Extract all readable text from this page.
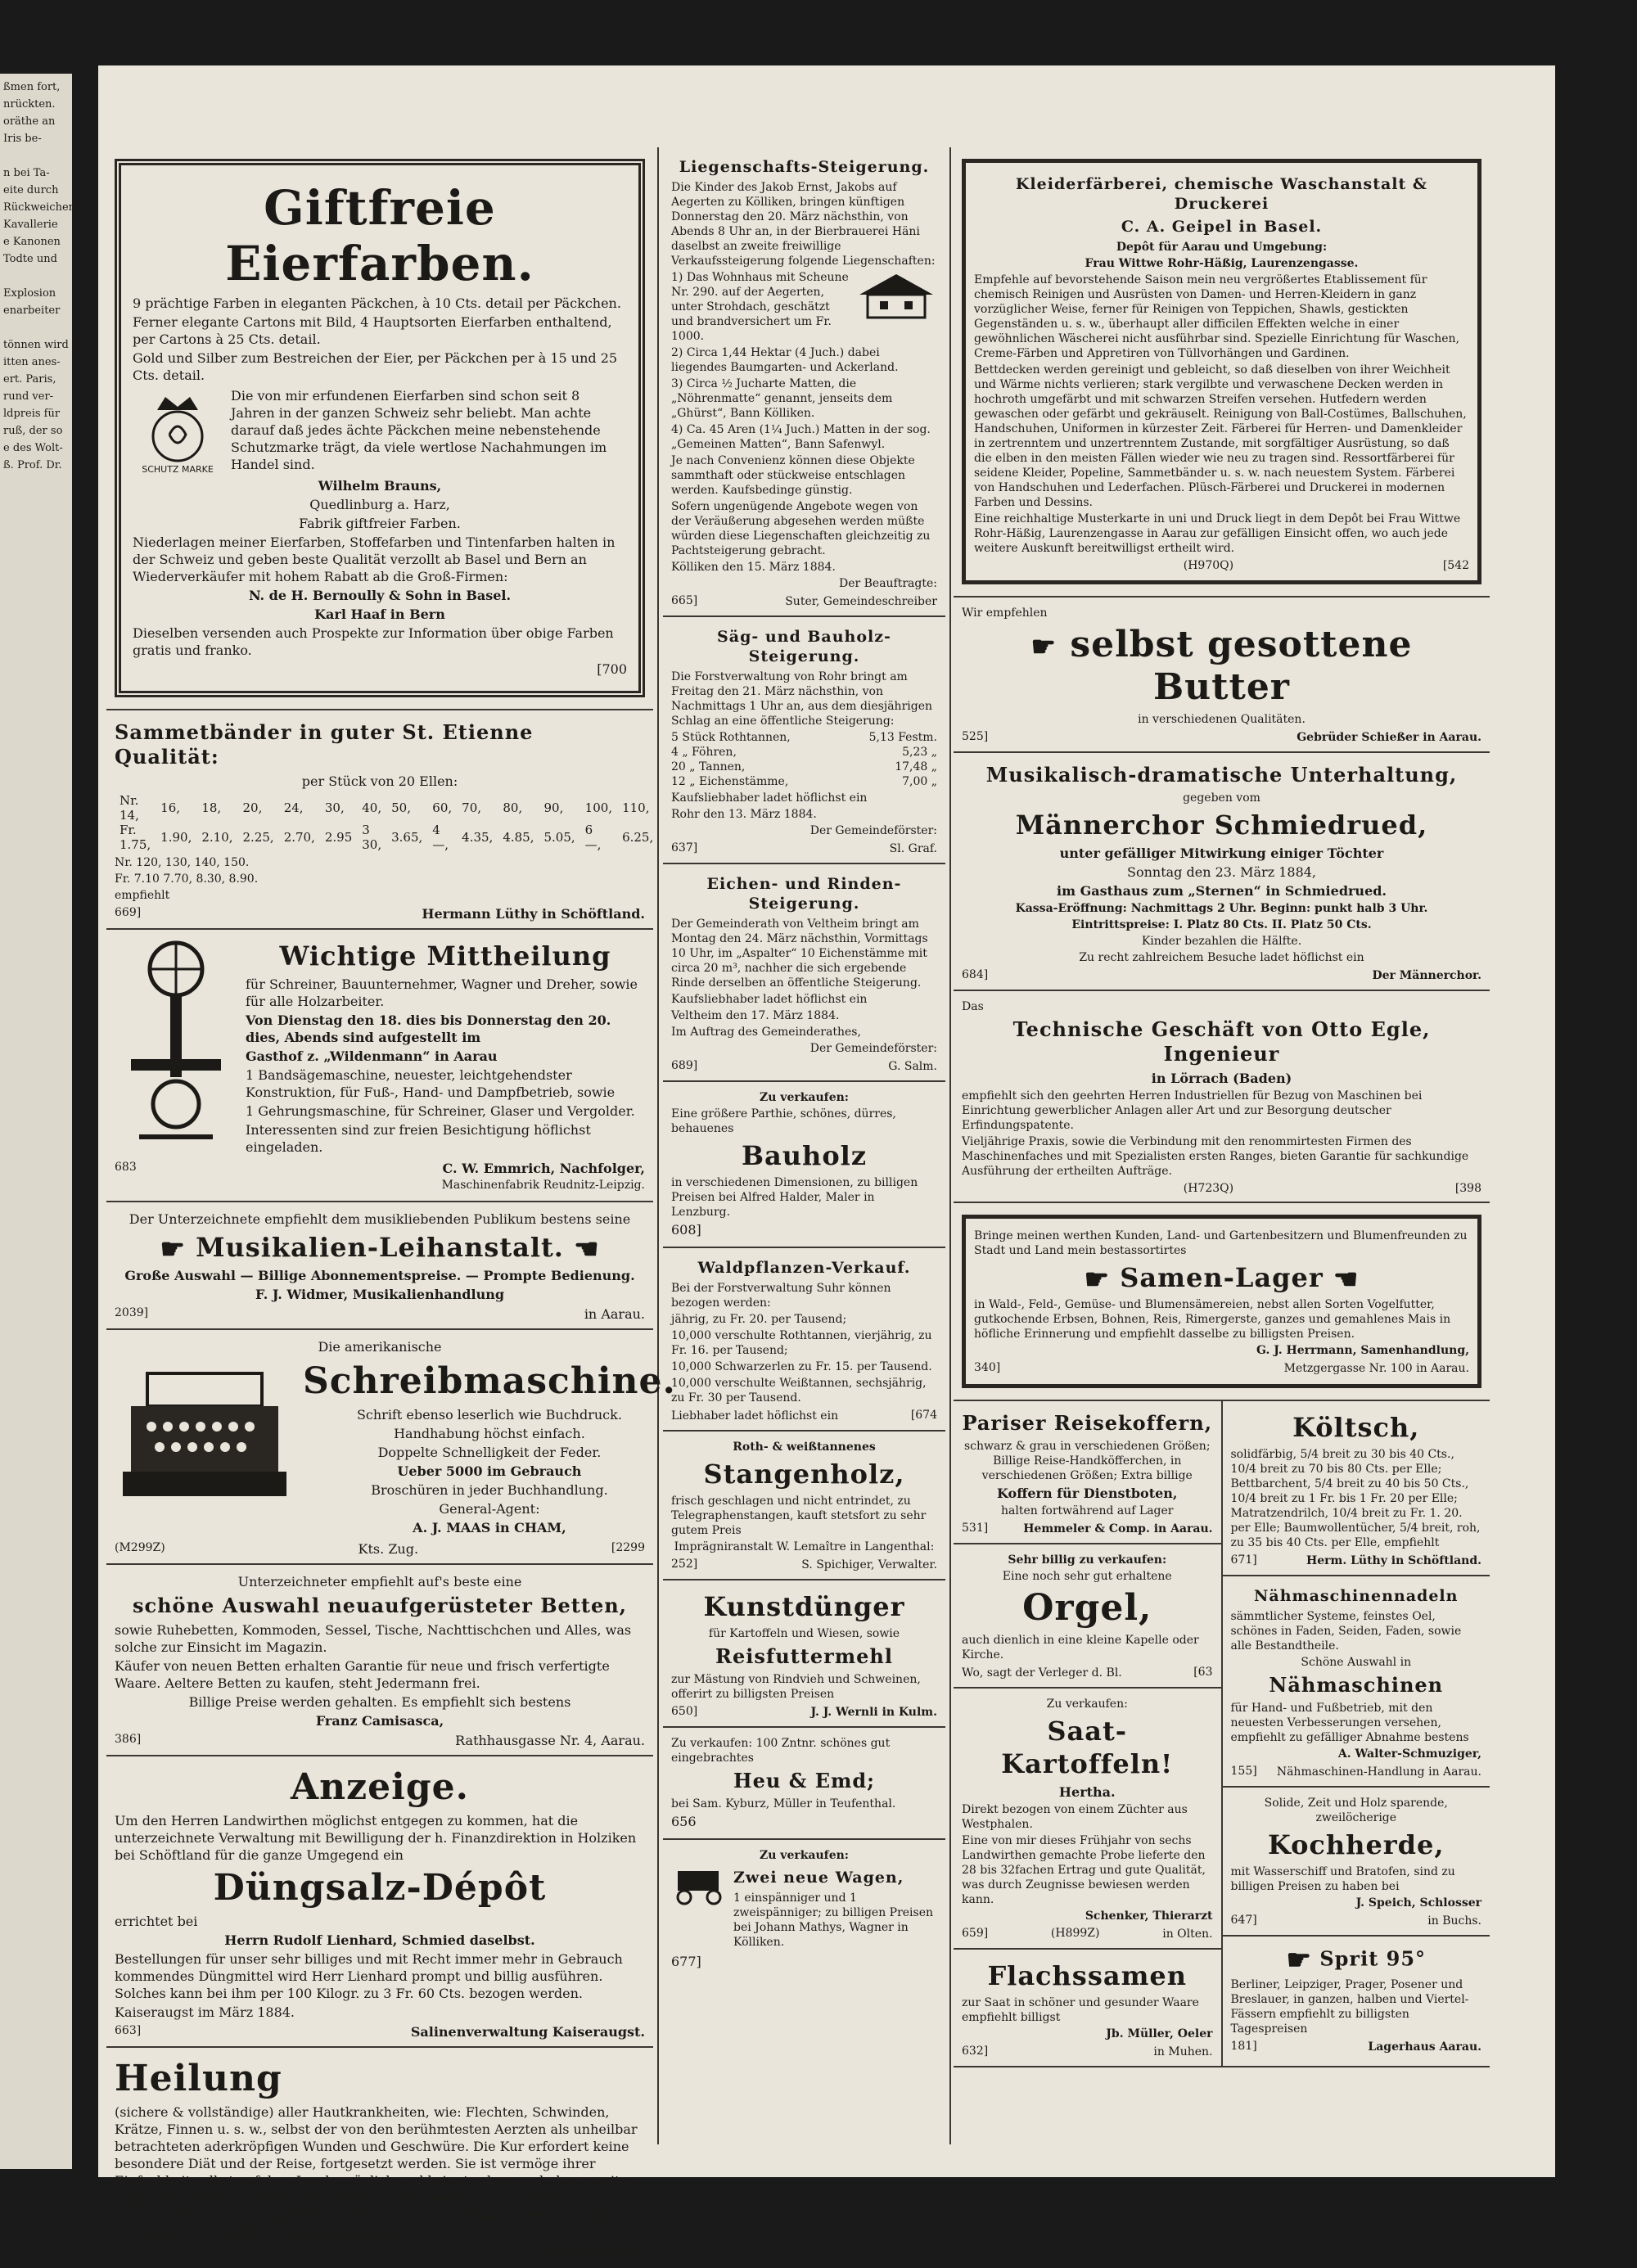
ßmen fort,
nrückten.
oräthe an
Iris be-

n bei Ta-
eite durch
Rückweichen
Kavallerie
e Kanonen
Todte und

Explosion
enarbeiter

tönnen wird
itten anes-
ert. Paris,
rund ver-
ldpreis für
ruß, der so
e des Wolt-
ß. Prof. Dr.
Giftfreie Eierfarben.

9 prächtige Farben in eleganten Päckchen, à 10 Cts. detail per Päckchen.

Ferner elegante Cartons mit Bild, 4 Hauptsorten Eierfarben enthaltend, per Cartons à 25 Cts. detail.

Gold und Silber zum Bestreichen der Eier, per Päckchen per à 15 und 25 Cts. detail.

SCHUTZ MARKE

Die von mir erfundenen Eierfarben sind schon seit 8 Jahren in der ganzen Schweiz sehr beliebt. Man achte darauf daß jedes ächte Päckchen meine nebenstehende Schutzmarke trägt, da viele wertlose Nachahmungen im Handel sind.

Wilhelm Brauns,

Quedlinburg a. Harz,

Fabrik giftfreier Farben.

Niederlagen meiner Eierfarben, Stoffefarben und Tintenfarben halten in der Schweiz und geben beste Qualität verzollt ab Basel und Bern an Wiederverkäufer mit hohem Rabatt ab die Groß-Firmen:

N. de H. Bernoully & Sohn in Basel.

Karl Haaf in Bern

Dieselben versenden auch Prospekte zur Information über obige Farben gratis und franko.

[700

Sammetbänder in guter St. Etienne Qualität:

per Stück von 20 Ellen:

Nr. 14,	16,	18,	20,	24,	30,	40,	50,	60,	70,	80,	90,	100,	110,
Fr. 1.75,	1.90,	2.10,	2.25,	2.70,	2.95	3 30,	3.65,	4 —,	4.35,	4.85,	5.05,	6 —,	6.25,

Nr. 120, 130, 140, 150.

Fr. 7.10 7.70, 8.30, 8.90.

empfiehlt

669]	Hermann Lüthy in Schöftland.
Wichtige Mittheilung

für Schreiner, Bauunternehmer, Wagner und Dreher, sowie für alle Holzarbeiter.

Von Dienstag den 18. dies bis Donnerstag den 20. dies, Abends sind aufgestellt im

Gasthof z. „Wildenmann“ in Aarau

1 Bandsägemaschine, neuester, leichtgehendster Konstruktion, für Fuß-, Hand- und Dampfbetrieb, sowie

1 Gehrungsmaschine, für Schreiner, Glaser und Vergolder.

Interessenten sind zur freien Besichtigung höflichst eingeladen.

683	C. W. Emmrich, Nachfolger,

Maschinenfabrik Reudnitz-Leipzig.

Der Unterzeichnete empfiehlt dem musikliebenden Publikum bestens seine

☛ Musikalien-Leihanstalt. ☚

Große Auswahl — Billige Abonnementspreise. — Prompte Bedienung.

F. J. Widmer, Musikalienhandlung

2039]	in Aarau.

Die amerikanische

Schreibmaschine.

Schrift ebenso leserlich wie Buchdruck.

Handhabung höchst einfach.

Doppelte Schnelligkeit der Feder.

Ueber 5000 im Gebrauch

Broschüren in jeder Buchhandlung.

General-Agent:

A. J. MAAS in CHAM,

(M299Z)	Kts. Zug.	[2299

Unterzeichneter empfiehlt auf's beste eine

schöne Auswahl neuaufgerüsteter Betten,

sowie Ruhebetten, Kommoden, Sessel, Tische, Nachttischchen und Alles, was solche zur Einsicht im Magazin.

Käufer von neuen Betten erhalten Garantie für neue und frisch verfertigte Waare. Aeltere Betten zu kaufen, steht Jedermann frei.

Billige Preise werden gehalten. Es empfiehlt sich bestens

Franz Camisasca,

386]	Rathhausgasse Nr. 4, Aarau.
Anzeige.

Um den Herren Landwirthen möglichst entgegen zu kommen, hat die unterzeichnete Verwaltung mit Bewilligung der h. Finanzdirektion in Holziken bei Schöftland für die ganze Umgegend ein

Düngsalz-Dépôt

errichtet bei

Herrn Rudolf Lienhard, Schmied daselbst.

Bestellungen für unser sehr billiges und mit Recht immer mehr in Gebrauch kommendes Düngmittel wird Herr Lienhard prompt und billig ausführen. Solches kann bei ihm per 100 Kilogr. zu 3 Fr. 60 Cts. bezogen werden.

Kaiseraugst im März 1884.

663]	Salinenverwaltung Kaiseraugst.
Heilung

(sichere & vollständige) aller Hautkrankheiten, wie: Flechten, Schwinden, Krätze, Finnen u. s. w., selbst der von den berühmtesten Aerzten als unheilbar betrachteten aderkröpfigen Wunden und Geschwüre. Die Kur erfordert keine besondere Diät und der Reise, fortgesetzt werden. Sie ist vermöge ihrer Einfachheit selbst auf dem Lande möglich und bringt schon nach dem zweiten Tage eine merkliche Besserung hervor. — Man wende sich an Herrn Lenormand, Arzt und Apotheker erster Klasse in Tournan (Seine-et-Marne) Frankreich. — Briefliche Consultationen gratis.

(H5630X) [1607

Liegenschafts-Steigerung.

Die Kinder des Jakob Ernst, Jakobs auf Aegerten zu Kölliken, bringen künftigen Donnerstag den 20. März nächsthin, von Abends 8 Uhr an, in der Bierbrauerei Häni daselbst an zweite freiwillige Verkaufssteigerung folgende Liegenschaften:

1) Das Wohnhaus mit Scheune Nr. 290. auf der Aegerten, unter Strohdach, geschätzt und brandversichert um Fr. 1000.

2) Circa 1,44 Hektar (4 Juch.) dabei liegendes Baumgarten- und Ackerland.

3) Circa ½ Jucharte Matten, die „Nöhrenmatte“ genannt, jenseits dem „Ghürst“, Bann Kölliken.

4) Ca. 45 Aren (1¼ Juch.) Matten in der sog. „Gemeinen Matten“, Bann Safenwyl.

Je nach Convenienz können diese Objekte sammthaft oder stückweise entschlagen werden. Kaufsbedinge günstig.

Sofern ungenügende Angebote wegen von der Veräußerung abgesehen werden müßte würden diese Liegenschaften gleichzeitig zu Pachtsteigerung gebracht.

Kölliken den 15. März 1884.

Der Beauftragte:

665]	Suter, Gemeindeschreiber
Säg- und Bauholz-Steigerung.

Die Forstverwaltung von Rohr bringt am Freitag den 21. März nächsthin, von Nachmittags 1 Uhr an, aus dem diesjährigen Schlag an eine öffentliche Steigerung:

5 Stück Rothtannen,	5,13 Festm.
4 „ Föhren,	5,23 „
20 „ Tannen,	17,48 „
12 „ Eichenstämme,	7,00 „

Kaufsliebhaber ladet höflichst ein

Rohr den 13. März 1884.

Der Gemeindeförster:

637]	Sl. Graf.
Eichen- und Rinden-Steigerung.

Der Gemeinderath von Veltheim bringt am Montag den 24. März nächsthin, Vormittags 10 Uhr, im „Aspalter“ 10 Eichenstämme mit circa 20 m³, nachher die sich ergebende Rinde derselben an öffentliche Steigerung.

Kaufsliebhaber ladet höflichst ein

Veltheim den 17. März 1884.

Im Auftrag des Gemeinderathes,

Der Gemeindeförster:

689]	G. Salm.

Zu verkaufen:

Eine größere Parthie, schönes, dürres, behauenes

Bauholz

in verschiedenen Dimensionen, zu billigen Preisen bei Alfred Halder, Maler in Lenzburg.

608]

Waldpflanzen-Verkauf.

Bei der Forstverwaltung Suhr können bezogen werden:

jährig, zu Fr. 20. per Tausend;

10,000 verschulte Rothtannen, vierjährig, zu Fr. 16. per Tausend;

10,000 Schwarzerlen zu Fr. 15. per Tausend.

10,000 verschulte Weißtannen, sechsjährig, zu Fr. 30 per Tausend.

Liebhaber ladet höflichst ein	[674

Roth- & weißtannenes

Stangenholz,

frisch geschlagen und nicht entrindet, zu Telegraphenstangen, kauft stetsfort zu sehr gutem Preis

Imprägniranstalt W. Lemaître in Langenthal:

252]	S. Spichiger, Verwalter.
Kunstdünger

für Kartoffeln und Wiesen, sowie

Reisfuttermehl

zur Mästung von Rindvieh und Schweinen, offerirt zu billigsten Preisen

650]	J. J. Wernli in Kulm.

Zu verkaufen: 100 Zntnr. schönes gut eingebrachtes

Heu & Emd;

bei Sam. Kyburz, Müller in Teufenthal.

656

Zu verkaufen:

Zwei neue Wagen,

1 einspänniger und 1 zweispänniger; zu billigen Preisen bei Johann Mathys, Wagner in Kölliken.

677]

Kleiderfärberei, chemische Waschanstalt & Druckerei
C. A. Geipel in Basel.

Depôt für Aarau und Umgebung:

Frau Wittwe Rohr-Häßig, Laurenzengasse.

Empfehle auf bevorstehende Saison mein neu vergrößertes Etablissement für chemisch Reinigen und Ausrüsten von Damen- und Herren-Kleidern in ganz vorzüglicher Weise, ferner für Reinigen von Teppichen, Shawls, gestickten Gegenständen u. s. w., überhaupt aller difficilen Effekten welche in einer gewöhnlichen Wäscherei nicht ausführbar sind. Spezielle Einrichtung für Waschen, Creme-Färben und Appretiren von Tüllvorhängen und Gardinen.

Bettdecken werden gereinigt und gebleicht, so daß dieselben von ihrer Weichheit und Wärme nichts verlieren; stark vergilbte und verwaschene Decken werden in hochroth umgefärbt und mit schwarzen Streifen versehen. Hutfedern werden gewaschen oder gefärbt und gekräuselt. Reinigung von Ball-Costümes, Ballschuhen, Handschuhen, Uniformen in kürzester Zeit. Färberei für Herren- und Damenkleider in zertrenntem und unzertrenntem Zustande, mit sorgfältiger Ausrüstung, so daß die elben in den meisten Fällen wieder wie neu zu tragen sind. Ressortfärberei für seidene Kleider, Popeline, Sammetbänder u. s. w. nach neuestem System. Färberei von Handschuhen und Lederfachen. Plüsch-Färberei und Druckerei in modernen Farben und Dessins.

Eine reichhaltige Musterkarte in uni und Druck liegt in dem Depôt bei Frau Wittwe Rohr-Häßig, Laurenzengasse in Aarau zur gefälligen Einsicht offen, wo auch jede weitere Auskunft bereitwilligst ertheilt wird.

(H970Q)	[542

Wir empfehlen

☛ selbst gesottene Butter

in verschiedenen Qualitäten.

525]	Gebrüder Schießer in Aarau.
Musikalisch-dramatische Unterhaltung,

gegeben vom

Männerchor Schmiedrued,

unter gefälliger Mitwirkung einiger Töchter

Sonntag den 23. März 1884,

im Gasthaus zum „Sternen“ in Schmiedrued.

Kassa-Eröffnung: Nachmittags 2 Uhr. Beginn: punkt halb 3 Uhr.

Eintrittspreise: I. Platz 80 Cts. II. Platz 50 Cts.

Kinder bezahlen die Hälfte.

Zu recht zahlreichem Besuche ladet höflichst ein

684]	Der Männerchor.

Das

Technische Geschäft von Otto Egle, Ingenieur

in Lörrach (Baden)

empfiehlt sich den geehrten Herren Industriellen für Bezug von Maschinen bei Einrichtung gewerblicher Anlagen aller Art und zur Besorgung deutscher Erfindungspatente.

Vieljährige Praxis, sowie die Verbindung mit den renommirtesten Firmen des Maschinenfaches und mit Spezialisten ersten Ranges, bieten Garantie für sachkundige Ausführung der ertheilten Aufträge.

(H723Q)	[398

Bringe meinen werthen Kunden, Land- und Gartenbesitzern und Blumenfreunden zu Stadt und Land mein bestassortirtes

☛ Samen-Lager ☚

in Wald-, Feld-, Gemüse- und Blumensämereien, nebst allen Sorten Vogelfutter, gutkochende Erbsen, Bohnen, Reis, Rimergerste, ganzes und gemahlenes Mais in höfliche Erinnerung und empfiehlt dasselbe zu billigsten Preisen.

G. J. Herrmann, Samenhandlung,

340]	Metzgergasse Nr. 100 in Aarau.
Pariser Reisekoffern,

schwarz & grau in verschiedenen Größen; Billige Reise-Handköfferchen, in verschiedenen Größen; Extra billige

Koffern für Dienstboten,

halten fortwährend auf Lager

531]	Hemmeler & Comp. in Aarau.

Sehr billig zu verkaufen:

Eine noch sehr gut erhaltene

Orgel,

auch dienlich in eine kleine Kapelle oder Kirche.

Wo, sagt der Verleger d. Bl.	[63

Zu verkaufen:

Saat-Kartoffeln!

Hertha.

Direkt bezogen von einem Züchter aus Westphalen.

Eine von mir dieses Frühjahr von sechs Landwirthen gemachte Probe lieferte den 28 bis 32fachen Ertrag und gute Qualität, was durch Zeugnisse bewiesen werden kann.

Schenker, Thierarzt

659]	(H899Z)	in Olten.
Flachssamen

zur Saat in schöner und gesunder Waare empfiehlt billigst

Jb. Müller, Oeler

632]	in Muhen.
Költsch,

solidfärbig, 5/4 breit zu 30 bis 40 Cts., 10/4 breit zu 70 bis 80 Cts. per Elle; Bettbarchent, 5/4 breit zu 40 bis 50 Cts., 10/4 breit zu 1 Fr. bis 1 Fr. 20 per Elle; Matratzendrilch, 10/4 breit zu Fr. 1. 20. per Elle; Baumwollentücher, 5/4 breit, roh, zu 35 bis 40 Cts. per Elle, empfiehlt

671]	Herm. Lüthy in Schöftland.
Nähmaschinennadeln

sämmtlicher Systeme, feinstes Oel, schönes in Faden, Seiden, Faden, sowie alle Bestandtheile.

Schöne Auswahl in

Nähmaschinen

für Hand- und Fußbetrieb, mit den neuesten Verbesserungen versehen, empfiehlt zu gefälliger Abnahme bestens

A. Walter-Schmuziger,

155] Nähmaschinen-Handlung in Aarau.

Solide, Zeit und Holz sparende, zweilöcherige

Kochherde,

mit Wasserschiff und Bratofen, sind zu billigen Preisen zu haben bei

J. Speich, Schlosser

647]	in Buchs.
☛ Sprit 95°

Berliner, Leipziger, Prager, Posener und Breslauer, in ganzen, halben und Viertel-Fässern empfiehlt zu billigsten Tagespreisen

181]	Lagerhaus Aarau.
